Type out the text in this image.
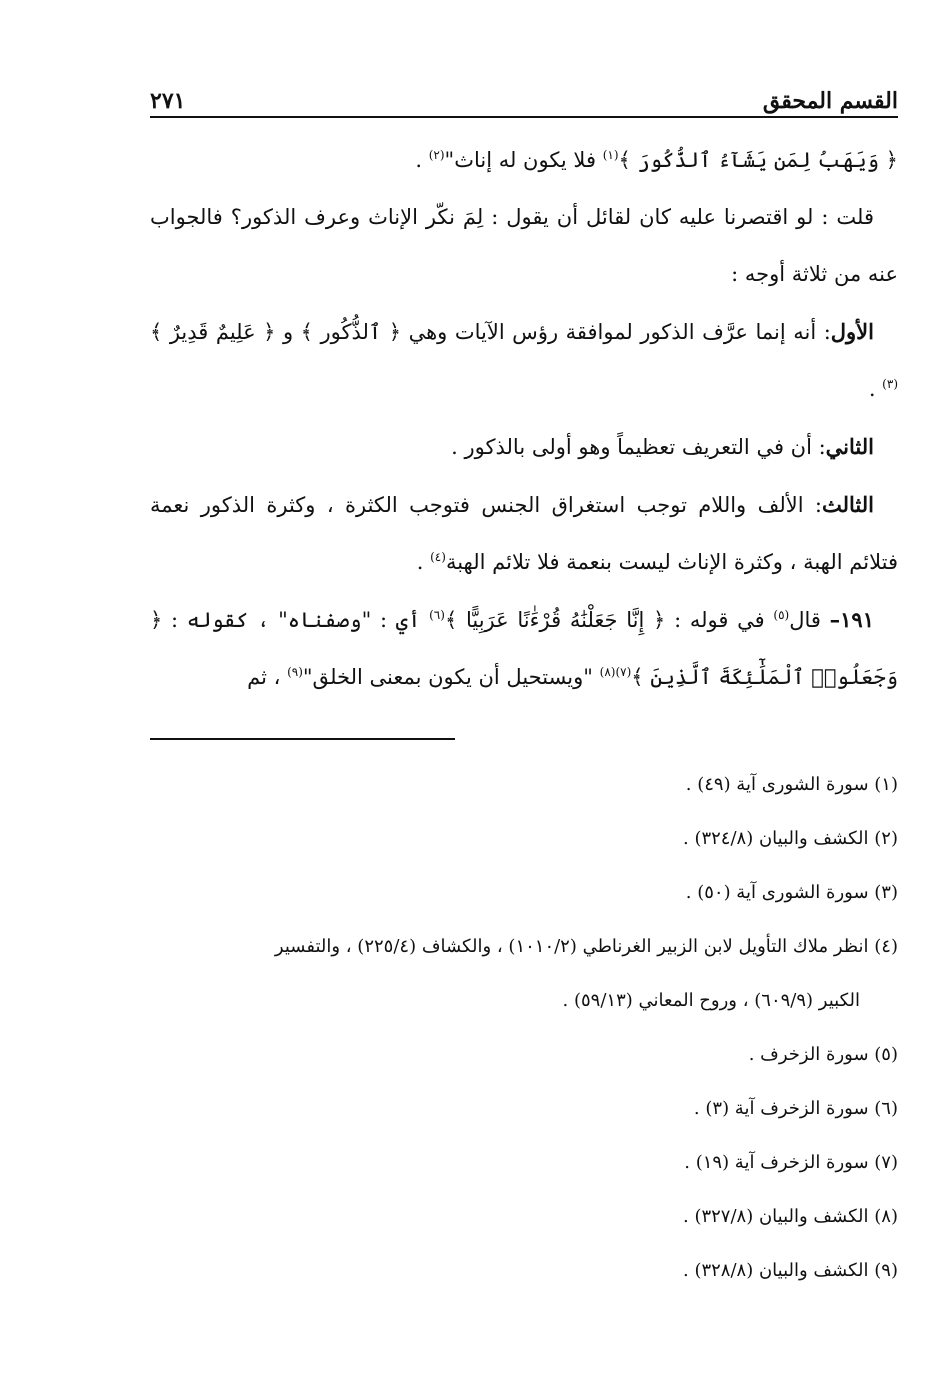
القسم المحقق
٢٧١

﴿ وَيَهَبُ لِمَن يَشَآءُ ٱلذُّكُورَ ﴾$^{(١)}$ فلا يكون له إناث"$^{(٢)}$ .

قلت : لو اقتصرنا عليه كان لقائل أن يقول : لِمَ نكّر الإناث وعرف الذكور؟ فالجواب عنه من ثلاثة أوجه :

الأول: أنه إنما عرَّف الذكور لموافقة رؤس الآيات وهي ﴿ ٱلذُّكُور ﴾ و ﴿ عَلِيمٌ قَدِيرٌ ﴾$^{(٣)}$ .

الثاني: أن في التعريف تعظيماً وهو أولى بالذكور .

الثالث: الألف واللام توجب استغراق الجنس فتوجب الكثرة ، وكثرة الذكور نعمة فتلائم الهبة ، وكثرة الإناث ليست بنعمة فلا تلائم الهبة$^{(٤)}$ .

١٩١– قال$^{(٥)}$ في قوله : ﴿ إِنَّا جَعَلْنَٰهُ قُرْءَٰنًا عَرَبِيًّا ﴾$^{(٦)}$ أي : "وصفناه" ، كقوله : ﴿ وَجَعَلُوا۟ ٱلْمَلَٰٓئِكَةَ ٱلَّذِينَ ﴾$^{(٧)(٨)}$ "ويستحيل أن يكون بمعنى الخلق"$^{(٩)}$ ، ثم

(١) سورة الشورى آية (٤٩) .

(٢) الكشف والبيان (٣٢٤/٨) .

(٣) سورة الشورى آية (٥٠) .

(٤) انظر ملاك التأويل لابن الزبير الغرناطي (١٠١٠/٢) ، والكشاف (٢٢٥/٤) ، والتفسير

الكبير (٦٠٩/٩) ، وروح المعاني (٥٩/١٣) .

(٥) سورة الزخرف .

(٦) سورة الزخرف آية (٣) .

(٧) سورة الزخرف آية (١٩) .

(٨) الكشف والبيان (٣٢٧/٨) .

(٩) الكشف والبيان (٣٢٨/٨) .
